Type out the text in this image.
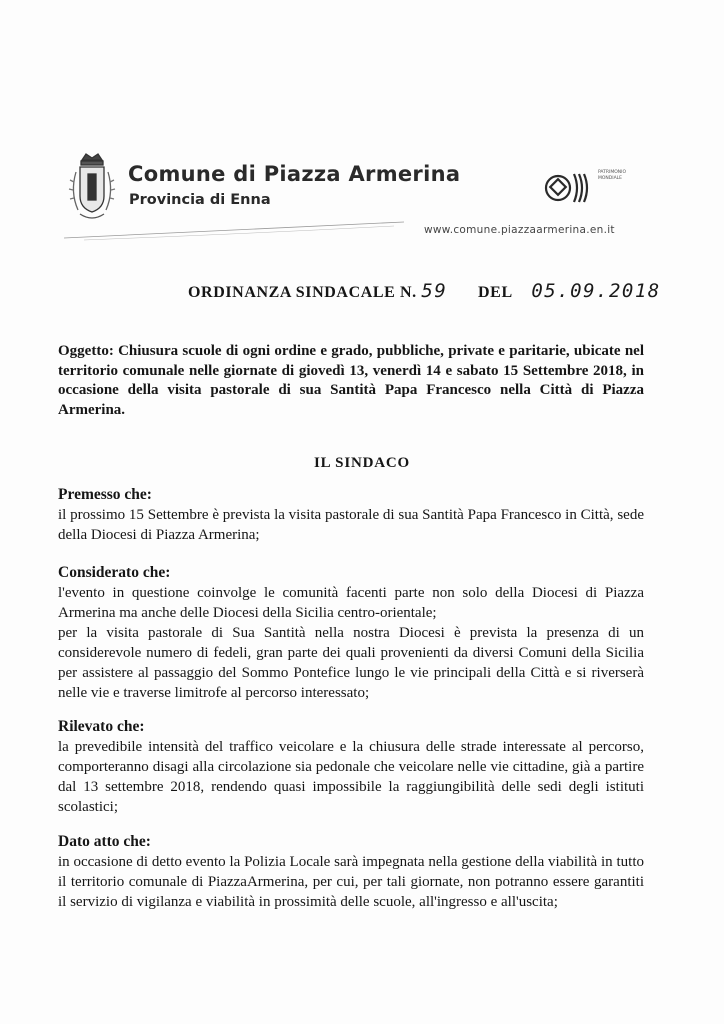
Comune di Piazza Armerina
Provincia di Enna
PATRIMONIO MONDIALE
www.comune.piazzaarmerina.en.it
ORDINANZA SINDACALE N. 59 DEL 05.09.2018
Oggetto: Chiusura scuole di ogni ordine e grado, pubbliche, private e paritarie, ubicate nel territorio comunale nelle giornate di giovedì 13, venerdì 14 e sabato 15 Settembre 2018, in occasione della visita pastorale di sua Santità Papa Francesco nella Città di Piazza Armerina.
IL SINDACO
Premesso che:
il prossimo 15 Settembre è prevista la visita pastorale di sua Santità Papa Francesco in Città, sede della Diocesi di Piazza Armerina;
Considerato che:
l'evento in questione coinvolge le comunità facenti parte non solo della Diocesi di Piazza Armerina ma anche delle Diocesi della Sicilia centro-orientale;
per la visita pastorale di Sua Santità nella nostra Diocesi è prevista la presenza di un considerevole numero di fedeli, gran parte dei quali provenienti da diversi Comuni della Sicilia per assistere al passaggio del Sommo Pontefice lungo le vie principali della Città e si riverserà nelle vie e traverse limitrofe al percorso interessato;
Rilevato che:
la prevedibile intensità del traffico veicolare e la chiusura delle strade interessate al percorso, comporteranno disagi alla circolazione sia pedonale che veicolare nelle vie cittadine, già a partire dal 13 settembre 2018, rendendo quasi impossibile la raggiungibilità delle sedi degli istituti scolastici;
Dato atto che:
in occasione di detto evento la Polizia Locale sarà impegnata nella gestione della viabilità in tutto il territorio comunale di PiazzaArmerina, per cui, per tali giornate, non potranno essere garantiti il servizio di vigilanza e viabilità in prossimità delle scuole, all'ingresso e all'uscita;
